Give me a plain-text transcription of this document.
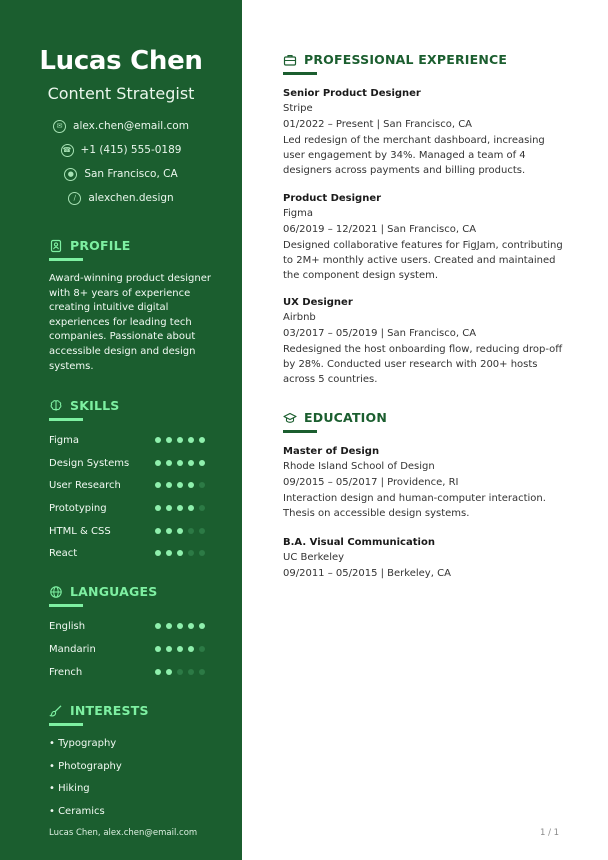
Lucas Chen
Content Strategist
✉	alex.chen@email.com
☎ +1 (415) 555-0189
● San Francisco, CA
∕	alexchen.design
PROFILE
Award-winning product designer with 8+ years of experience creating intuitive digital experiences for leading tech companies. Passionate about accessible design and design systems.
SKILLS
Figma
Design Systems
User Research
Prototyping
HTML & CSS
React
LANGUAGES
English
Mandarin
French
INTERESTS
• Typography
• Photography
• Hiking
• Ceramics
Lucas Chen, alex.chen@email.com
PROFESSIONAL EXPERIENCE
Senior Product Designer
Stripe
01/2022 – Present | San Francisco, CA
Led redesign of the merchant dashboard, increasing user engagement by 34%. Managed a team of 4 designers across payments and billing products.
Product Designer
Figma
06/2019 – 12/2021 | San Francisco, CA
Designed collaborative features for FigJam, contributing to 2M+ monthly active users. Created and maintained the component design system.
UX Designer
Airbnb
03/2017 – 05/2019 | San Francisco, CA
Redesigned the host onboarding flow, reducing drop-off by 28%. Conducted user research with 200+ hosts across 5 countries.
EDUCATION
Master of Design
Rhode Island School of Design
09/2015 – 05/2017 | Providence, RI
Interaction design and human-computer interaction. Thesis on accessible design systems.
B.A. Visual Communication
UC Berkeley
09/2011 – 05/2015 | Berkeley, CA
1 / 1
